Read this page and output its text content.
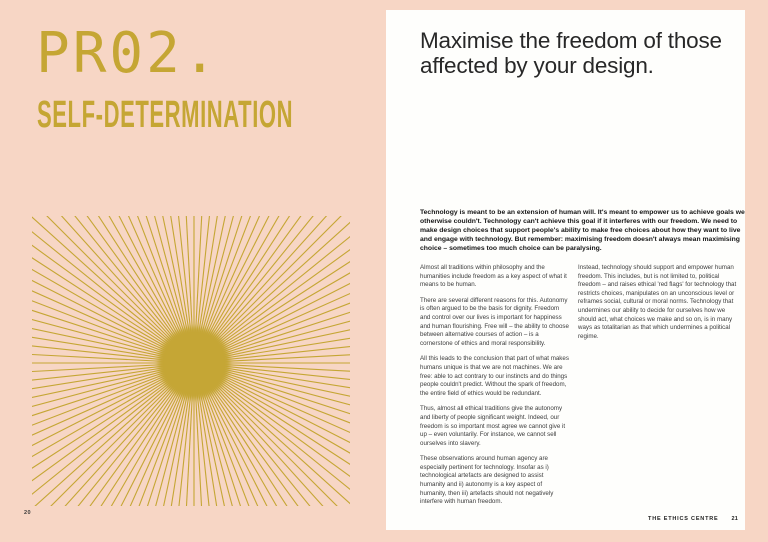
PR02.
SELF-DETERMINATION
20
Maximise the freedom of those affected by your design.

Technology is meant to be an extension of human will. It's meant to empower us to achieve goals we otherwise couldn't. Technology can't achieve this goal if it interferes with our freedom. We need to make design choices that support people's ability to make free choices about how they want to live and engage with technology. But remember: maximising freedom doesn't always mean maximising choice – sometimes too much choice can be paralysing.

Almost all traditions within philosophy and the humanities include freedom as a key aspect of what it means to be human.

There are several different reasons for this. Autonomy is often argued to be the basis for dignity. Freedom and control over our lives is important for happiness and human flourishing. Free will – the ability to choose between alternative courses of action – is a cornerstone of ethics and moral responsibility.

All this leads to the conclusion that part of what makes humans unique is that we are not machines. We are free: able to act contrary to our instincts and do things people couldn't predict. Without the spark of freedom, the entire field of ethics would be redundant.

Thus, almost all ethical traditions give the autonomy and liberty of people significant weight. Indeed, our freedom is so important most agree we cannot give it up – even voluntarily. For instance, we cannot sell ourselves into slavery.

These observations around human agency are especially pertinent for technology. Insofar as i) technological artefacts are designed to assist humanity and ii) autonomy is a key aspect of humanity, then iii) artefacts should not negatively interfere with human freedom.

Instead, technology should support and empower human freedom. This includes, but is not limited to, political freedom – and raises ethical 'red flags' for technology that restricts choices, manipulates on an unconscious level or reframes social, cultural or moral norms. Technology that undermines our ability to decide for ourselves how we should act, what choices we make and so on, is in many ways as totalitarian as that which undermines a political regime.

THE ETHICS CENTRE 21
